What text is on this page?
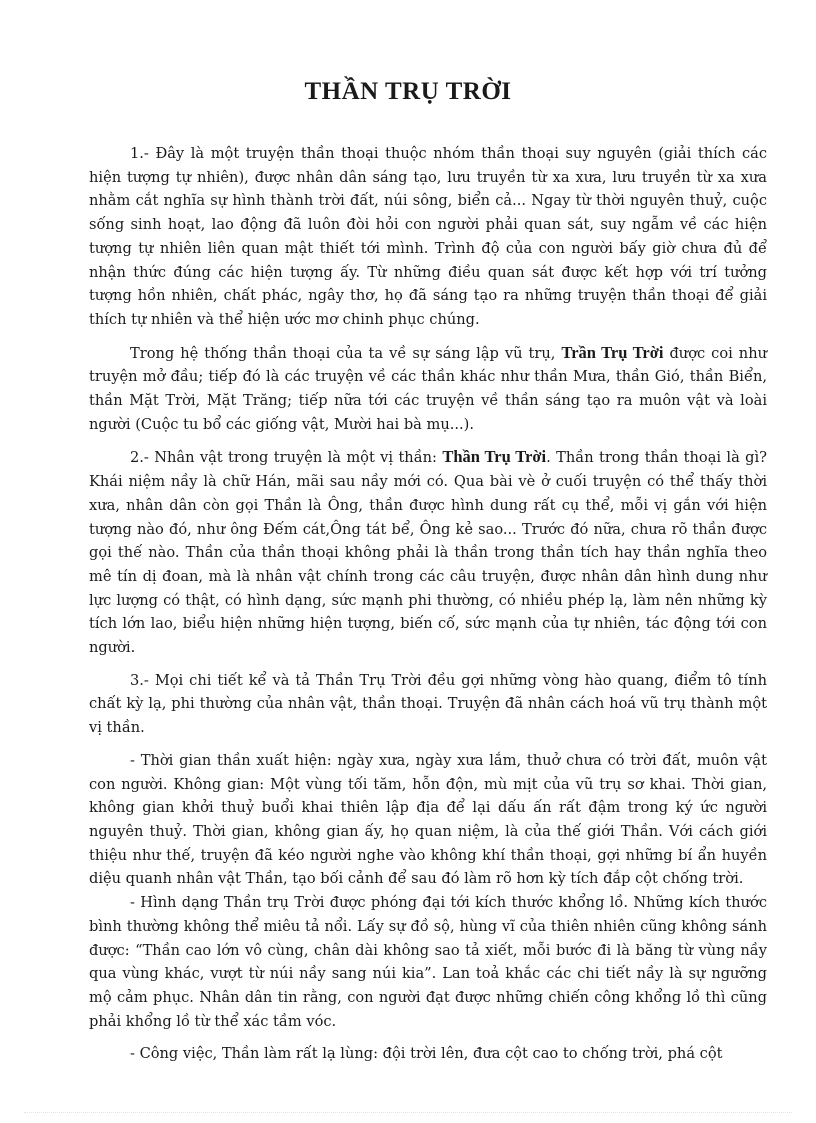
THẦN TRỤ TRỜI

1.- Đây là một truyện thần thoại thuộc nhóm thần thoại suy nguyên (giải thích các hiện tượng tự nhiên), được nhân dân sáng tạo, lưu truyền từ xa xưa, lưu truyền từ xa xưa nhằm cắt nghĩa sự hình thành trời đất, núi sông, biển cả... Ngay từ thời nguyên thuỷ, cuộc sống sinh hoạt, lao động đã luôn đòi hỏi con người phải quan sát, suy ngẫm về các hiện tượng tự nhiên liên quan mật thiết tới mình. Trình độ của con người bấy giờ chưa đủ để nhận thức đúng các hiện tượng ấy. Từ những điều quan sát được kết hợp với trí tưởng tượng hồn nhiên, chất phác, ngây thơ, họ đã sáng tạo ra những truyện thần thoại để giải thích tự nhiên và thể hiện ước mơ chinh phục chúng.

Trong hệ thống thần thoại của ta về sự sáng lập vũ trụ, Trần Trụ Trời được coi như truyện mở đầu; tiếp đó là các truyện về các thần khác như thần Mưa, thần Gió, thần Biển, thần Mặt Trời, Mặt Trăng; tiếp nữa tới các truyện về thần sáng tạo ra muôn vật và loài người (Cuộc tu bổ các giống vật, Mười hai bà mụ...).

2.- Nhân vật trong truyện là một vị thần: Thần Trụ Trời. Thần trong thần thoại là gì? Khái niệm nầy là chữ Hán, mãi sau nầy mới có. Qua bài vè ở cuối truyện có thể thấy thời xưa, nhân dân còn gọi Thần là Ông, thần được hình dung rất cụ thể, mỗi vị gắn với hiện tượng nào đó, như ông Đếm cát,Ông tát bể, Ông kẻ sao... Trước đó nữa, chưa rõ thần được gọi thế nào. Thần của thần thoại không phải là thần trong thần tích hay thần nghĩa theo mê tín dị đoan, mà là nhân vật chính trong các câu truyện, được nhân dân hình dung như lực lượng có thật, có hình dạng, sức mạnh phi thường, có nhiều phép lạ, làm nên những kỳ tích lớn lao, biểu hiện những hiện tượng, biến cố, sức mạnh của tự nhiên, tác động tới con người.

3.- Mọi chi tiết kể và tả Thần Trụ Trời đều gợi những vòng hào quang, điểm tô tính chất kỳ lạ, phi thường của nhân vật, thần thoại. Truyện đã nhân cách hoá vũ trụ thành một vị thần.

- Thời gian thần xuất hiện: ngày xưa, ngày xưa lắm, thuở chưa có trời đất, muôn vật con người. Không gian: Một vùng tối tăm, hỗn độn, mù mịt của vũ trụ sơ khai. Thời gian, không gian khởi thuỷ buổi khai thiên lập địa để lại dấu ấn rất đậm trong ký ức người nguyên thuỷ. Thời gian, không gian ấy, họ quan niệm, là của thế giới Thần. Với cách giới thiệu như thế, truyện đã kéo người nghe vào không khí thần thoại, gợi những bí ẩn huyền diệu quanh nhân vật Thần, tạo bối cảnh để sau đó làm rõ hơn kỳ tích đắp cột chống trời.

- Hình dạng Thần trụ Trời được phóng đại tới kích thước khổng lồ. Những kích thước bình thường không thể miêu tả nổi. Lấy sự đồ sộ, hùng vĩ của thiên nhiên cũng không sánh được: “Thần cao lớn vô cùng, chân dài không sao tả xiết, mỗi bước đi là băng từ vùng nầy qua vùng khác, vượt từ núi nầy sang núi kia”. Lan toả khắc các chi tiết nầy là sự ngưỡng mộ cảm phục. Nhân dân tin rằng, con người đạt được những chiến công khổng lồ thì cũng phải khổng lồ từ thể xác tầm vóc.

- Công việc, Thần làm rất lạ lùng: đội trời lên, đưa cột cao to chống trời, phá cột
